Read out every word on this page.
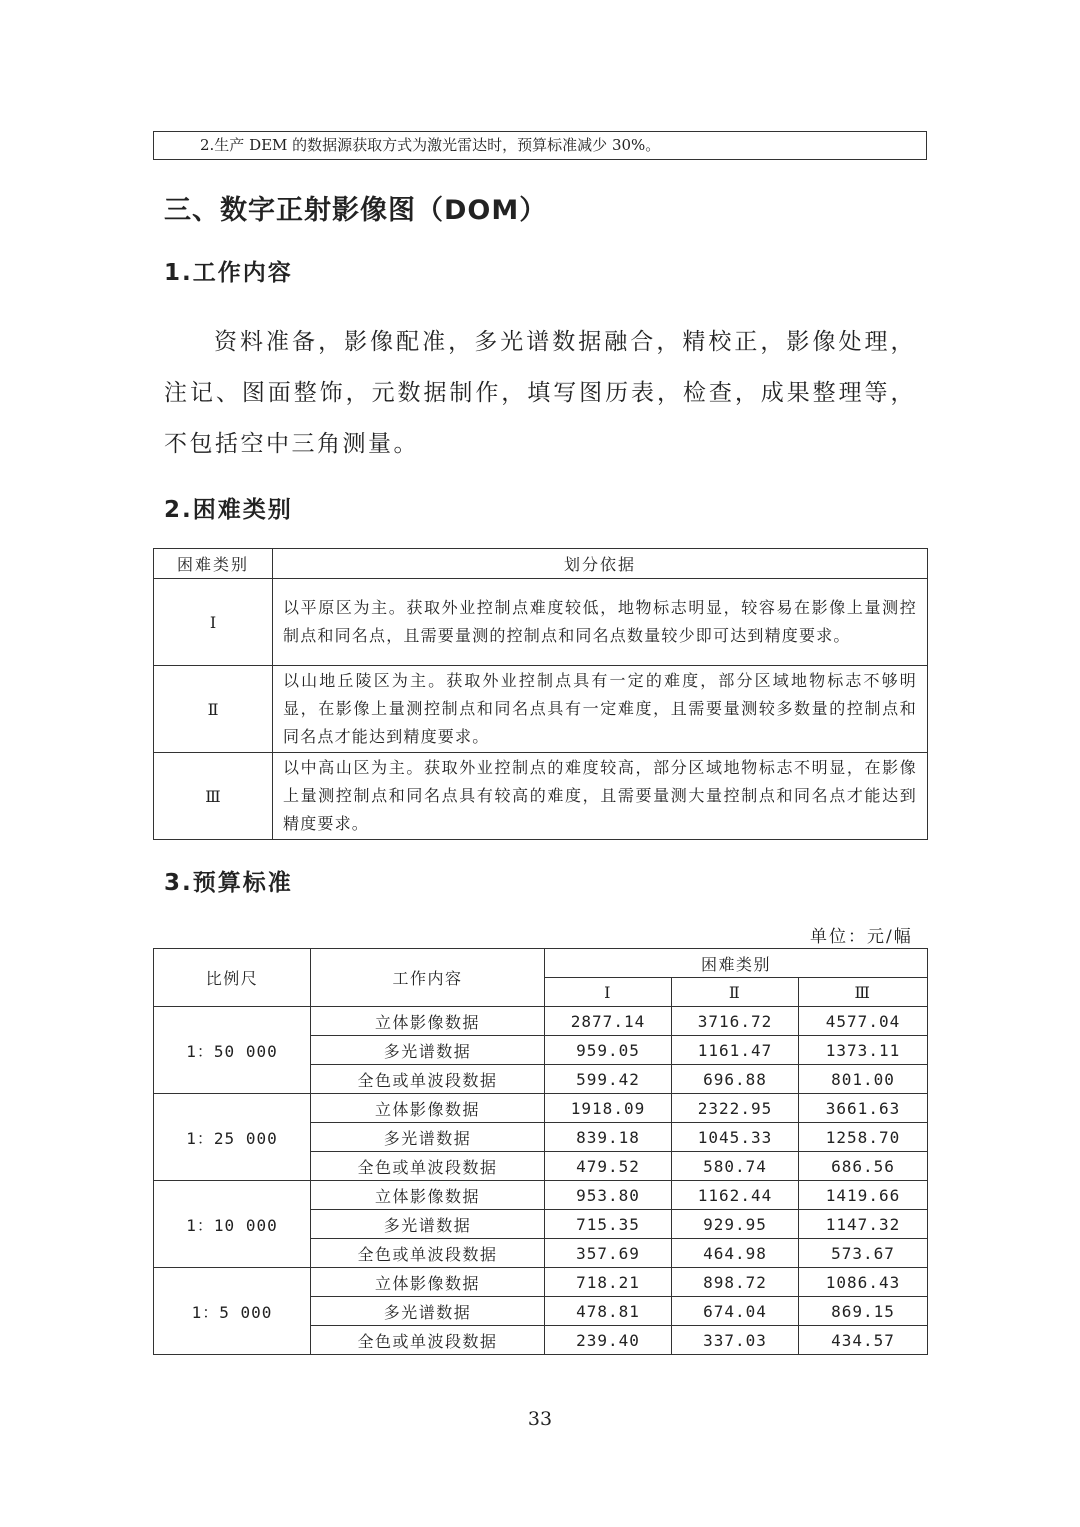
2.生产 DEM 的数据源获取方式为激光雷达时，预算标准减少 30%。
三、数字正射影像图（DOM）
1.工作内容

资料准备，影像配准，多光谱数据融合，精校正，影像处理，注记、图面整饰，元数据制作，填写图历表，检查，成果整理等，不包括空中三角测量。

2.困难类别
困难类别	划分依据
Ⅰ	以平原区为主。获取外业控制点难度较低，地物标志明显，较容易在影像上量测控制点和同名点，且需要量测的控制点和同名点数量较少即可达到精度要求。
Ⅱ	以山地丘陵区为主。获取外业控制点具有一定的难度，部分区域地物标志不够明显，在影像上量测控制点和同名点具有一定难度，且需要量测较多数量的控制点和同名点才能达到精度要求。
Ⅲ	以中高山区为主。获取外业控制点的难度较高，部分区域地物标志不明显，在影像上量测控制点和同名点具有较高的难度，且需要量测大量控制点和同名点才能达到精度要求。
3.预算标准
单位：元/幅
比例尺	工作内容	困难类别		
		Ⅰ	Ⅱ	Ⅲ
1：50 000	立体影像数据	2877.14	3716.72	4577.04
	多光谱数据	959.05	1161.47	1373.11
	全色或单波段数据	599.42	696.88	801.00
1：25 000	立体影像数据	1918.09	2322.95	3661.63
	多光谱数据	839.18	1045.33	1258.70
	全色或单波段数据	479.52	580.74	686.56
1：10 000	立体影像数据	953.80	1162.44	1419.66
	多光谱数据	715.35	929.95	1147.32
	全色或单波段数据	357.69	464.98	573.67
1：5 000	立体影像数据	718.21	898.72	1086.43
	多光谱数据	478.81	674.04	869.15
	全色或单波段数据	239.40	337.03	434.57
33
